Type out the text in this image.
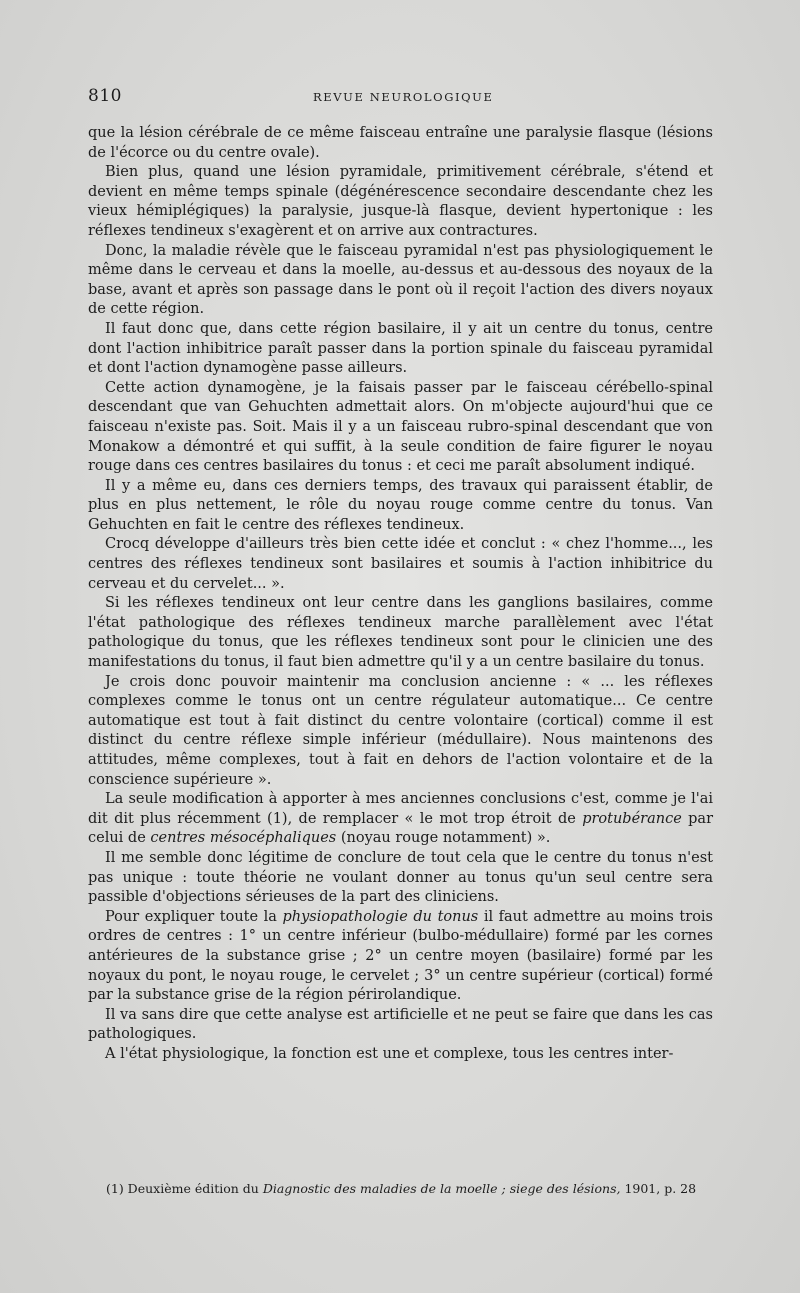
810	REVUE NEUROLOGIQUE

que la lésion cérébrale de ce même faisceau entraîne une paralysie flasque (lésions de l'écorce ou du centre ovale).

Bien plus, quand une lésion pyramidale, primitivement cérébrale, s'étend et devient en même temps spinale (dégénérescence secondaire descendante chez les vieux hémiplégiques) la paralysie, jusque-là flasque, devient hypertonique : les réflexes tendineux s'exagèrent et on arrive aux contractures.

Donc, la maladie révèle que le faisceau pyramidal n'est pas physiologiquement le même dans le cerveau et dans la moelle, au-dessus et au-dessous des noyaux de la base, avant et après son passage dans le pont où il reçoit l'action des divers noyaux de cette région.

Il faut donc que, dans cette région basilaire, il y ait un centre du tonus, centre dont l'action inhibitrice paraît passer dans la portion spinale du faisceau pyramidal et dont l'action dynamogène passe ailleurs.

Cette action dynamogène, je la faisais passer par le faisceau cérébello-spinal descendant que van Gehuchten admettait alors. On m'objecte aujourd'hui que ce faisceau n'existe pas. Soit. Mais il y a un faisceau rubro-spinal descendant que von Monakow a démontré et qui suffit, à la seule condition de faire figurer le noyau rouge dans ces centres basilaires du tonus : et ceci me paraît absolument indiqué.

Il y a même eu, dans ces derniers temps, des travaux qui paraissent établir, de plus en plus nettement, le rôle du noyau rouge comme centre du tonus. Van Gehuchten en fait le centre des réflexes tendineux.

Crocq développe d'ailleurs très bien cette idée et conclut : « chez l'homme..., les centres des réflexes tendineux sont basilaires et soumis à l'action inhibitrice du cerveau et du cervelet... ».

Si les réflexes tendineux ont leur centre dans les ganglions basilaires, comme l'état pathologique des réflexes tendineux marche parallèlement avec l'état pathologique du tonus, que les réflexes tendineux sont pour le clinicien une des manifestations du tonus, il faut bien admettre qu'il y a un centre basilaire du tonus.

Je crois donc pouvoir maintenir ma conclusion ancienne : « ... les réflexes complexes comme le tonus ont un centre régulateur automatique... Ce centre automatique est tout à fait distinct du centre volontaire (cortical) comme il est distinct du centre réflexe simple inférieur (médullaire). Nous maintenons des attitudes, même complexes, tout à fait en dehors de l'action volontaire et de la conscience supérieure ».

La seule modification à apporter à mes anciennes conclusions c'est, comme je l'ai dit dit plus récemment (1), de remplacer « le mot trop étroit de protubérance par celui de centres mésocéphaliques (noyau rouge notamment) ».

Il me semble donc légitime de conclure de tout cela que le centre du tonus n'est pas unique : toute théorie ne voulant donner au tonus qu'un seul centre sera passible d'objections sérieuses de la part des cliniciens.

Pour expliquer toute la physiopathologie du tonus il faut admettre au moins trois ordres de centres : 1° un centre inférieur (bulbo-médullaire) formé par les cornes antérieures de la substance grise ; 2° un centre moyen (basilaire) formé par les noyaux du pont, le noyau rouge, le cervelet ; 3° un centre supérieur (cortical) formé par la substance grise de la région périrolandique.

Il va sans dire que cette analyse est artificielle et ne peut se faire que dans les cas pathologiques.

A l'état physiologique, la fonction est une et complexe, tous les centres inter-

(1) Deuxième édition du Diagnostic des maladies de la moelle ; siege des lésions, 1901, p. 28
